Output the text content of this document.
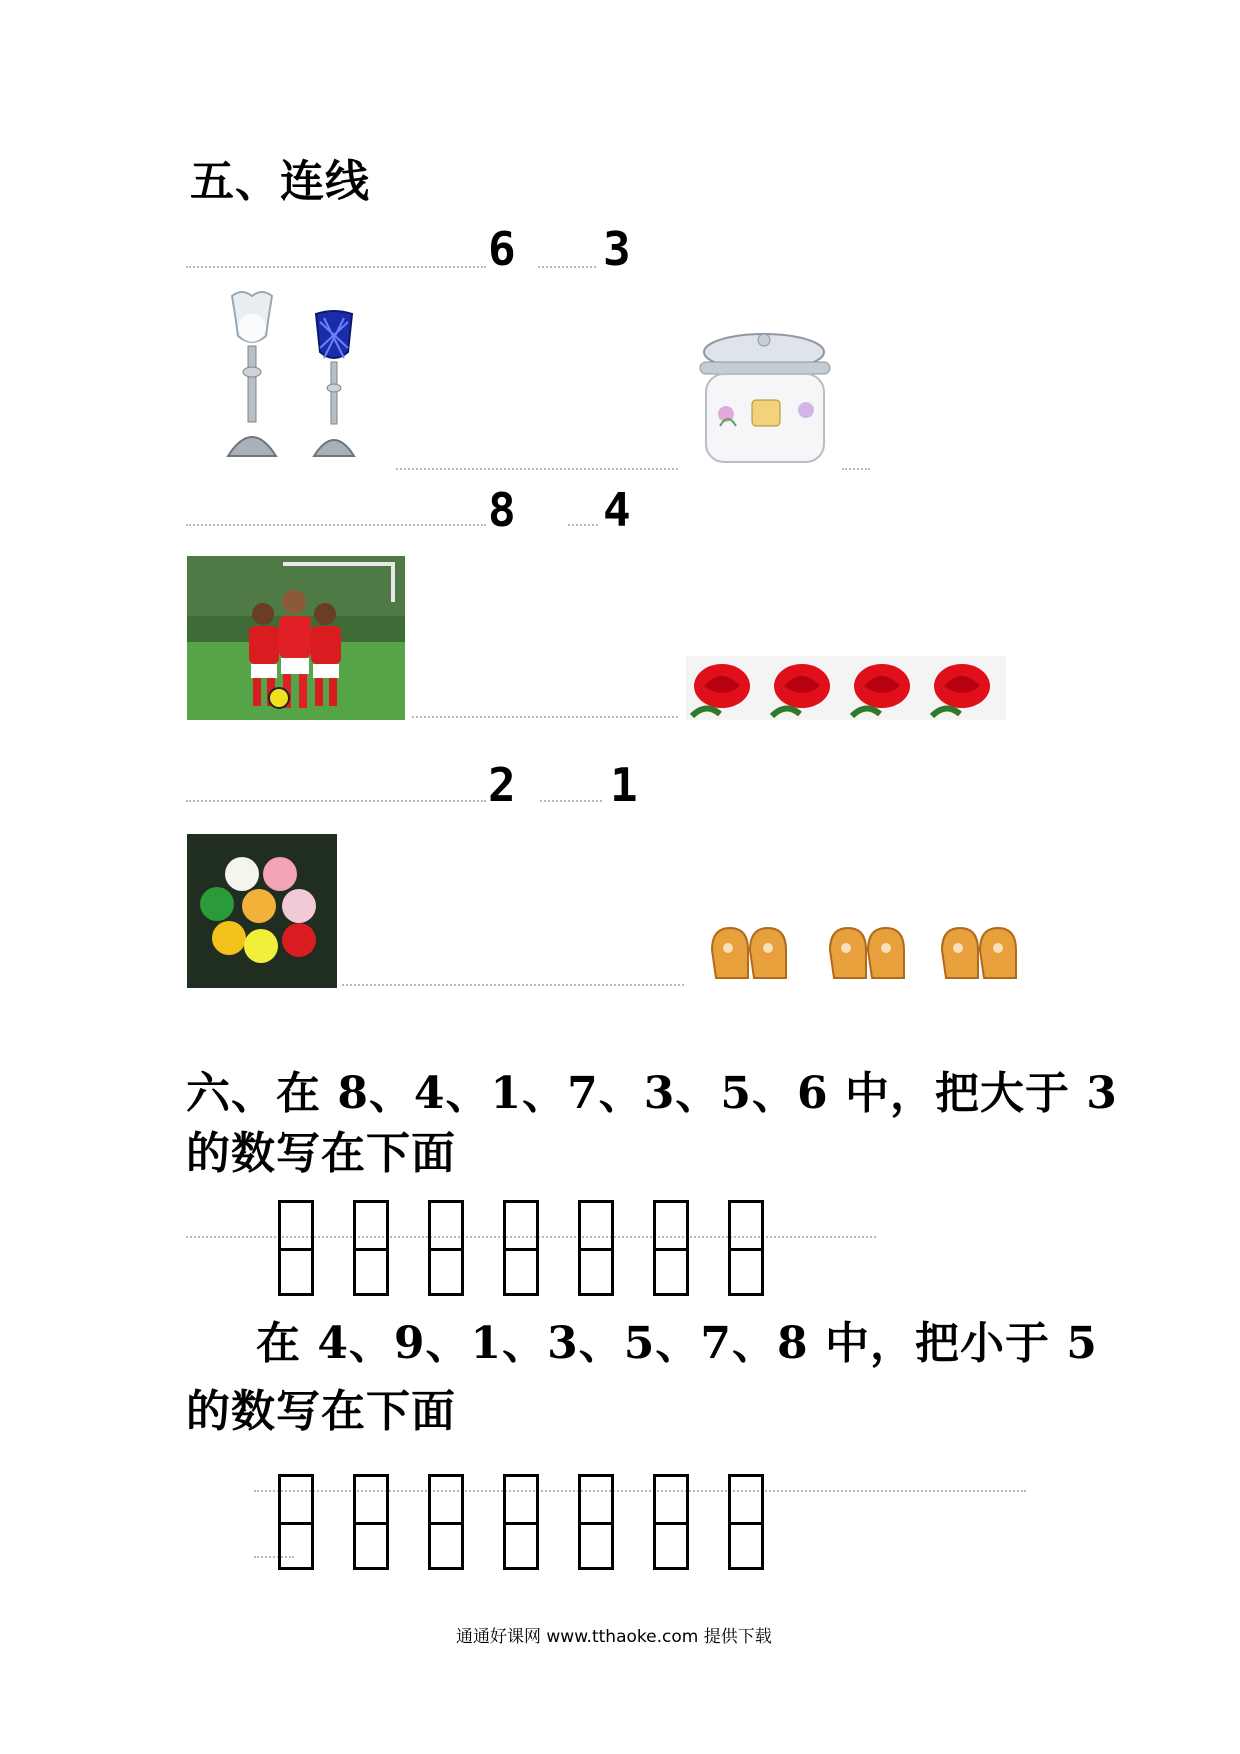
五、连线
6 3
8 4
2 1
六、在 8、4、1、7、3、5、6 中，把大于 3
的数写在下面
在 4、9、1、3、5、7、8 中，把小于 5
的数写在下面
通通好课网 www.tthaoke.com 提供下载
